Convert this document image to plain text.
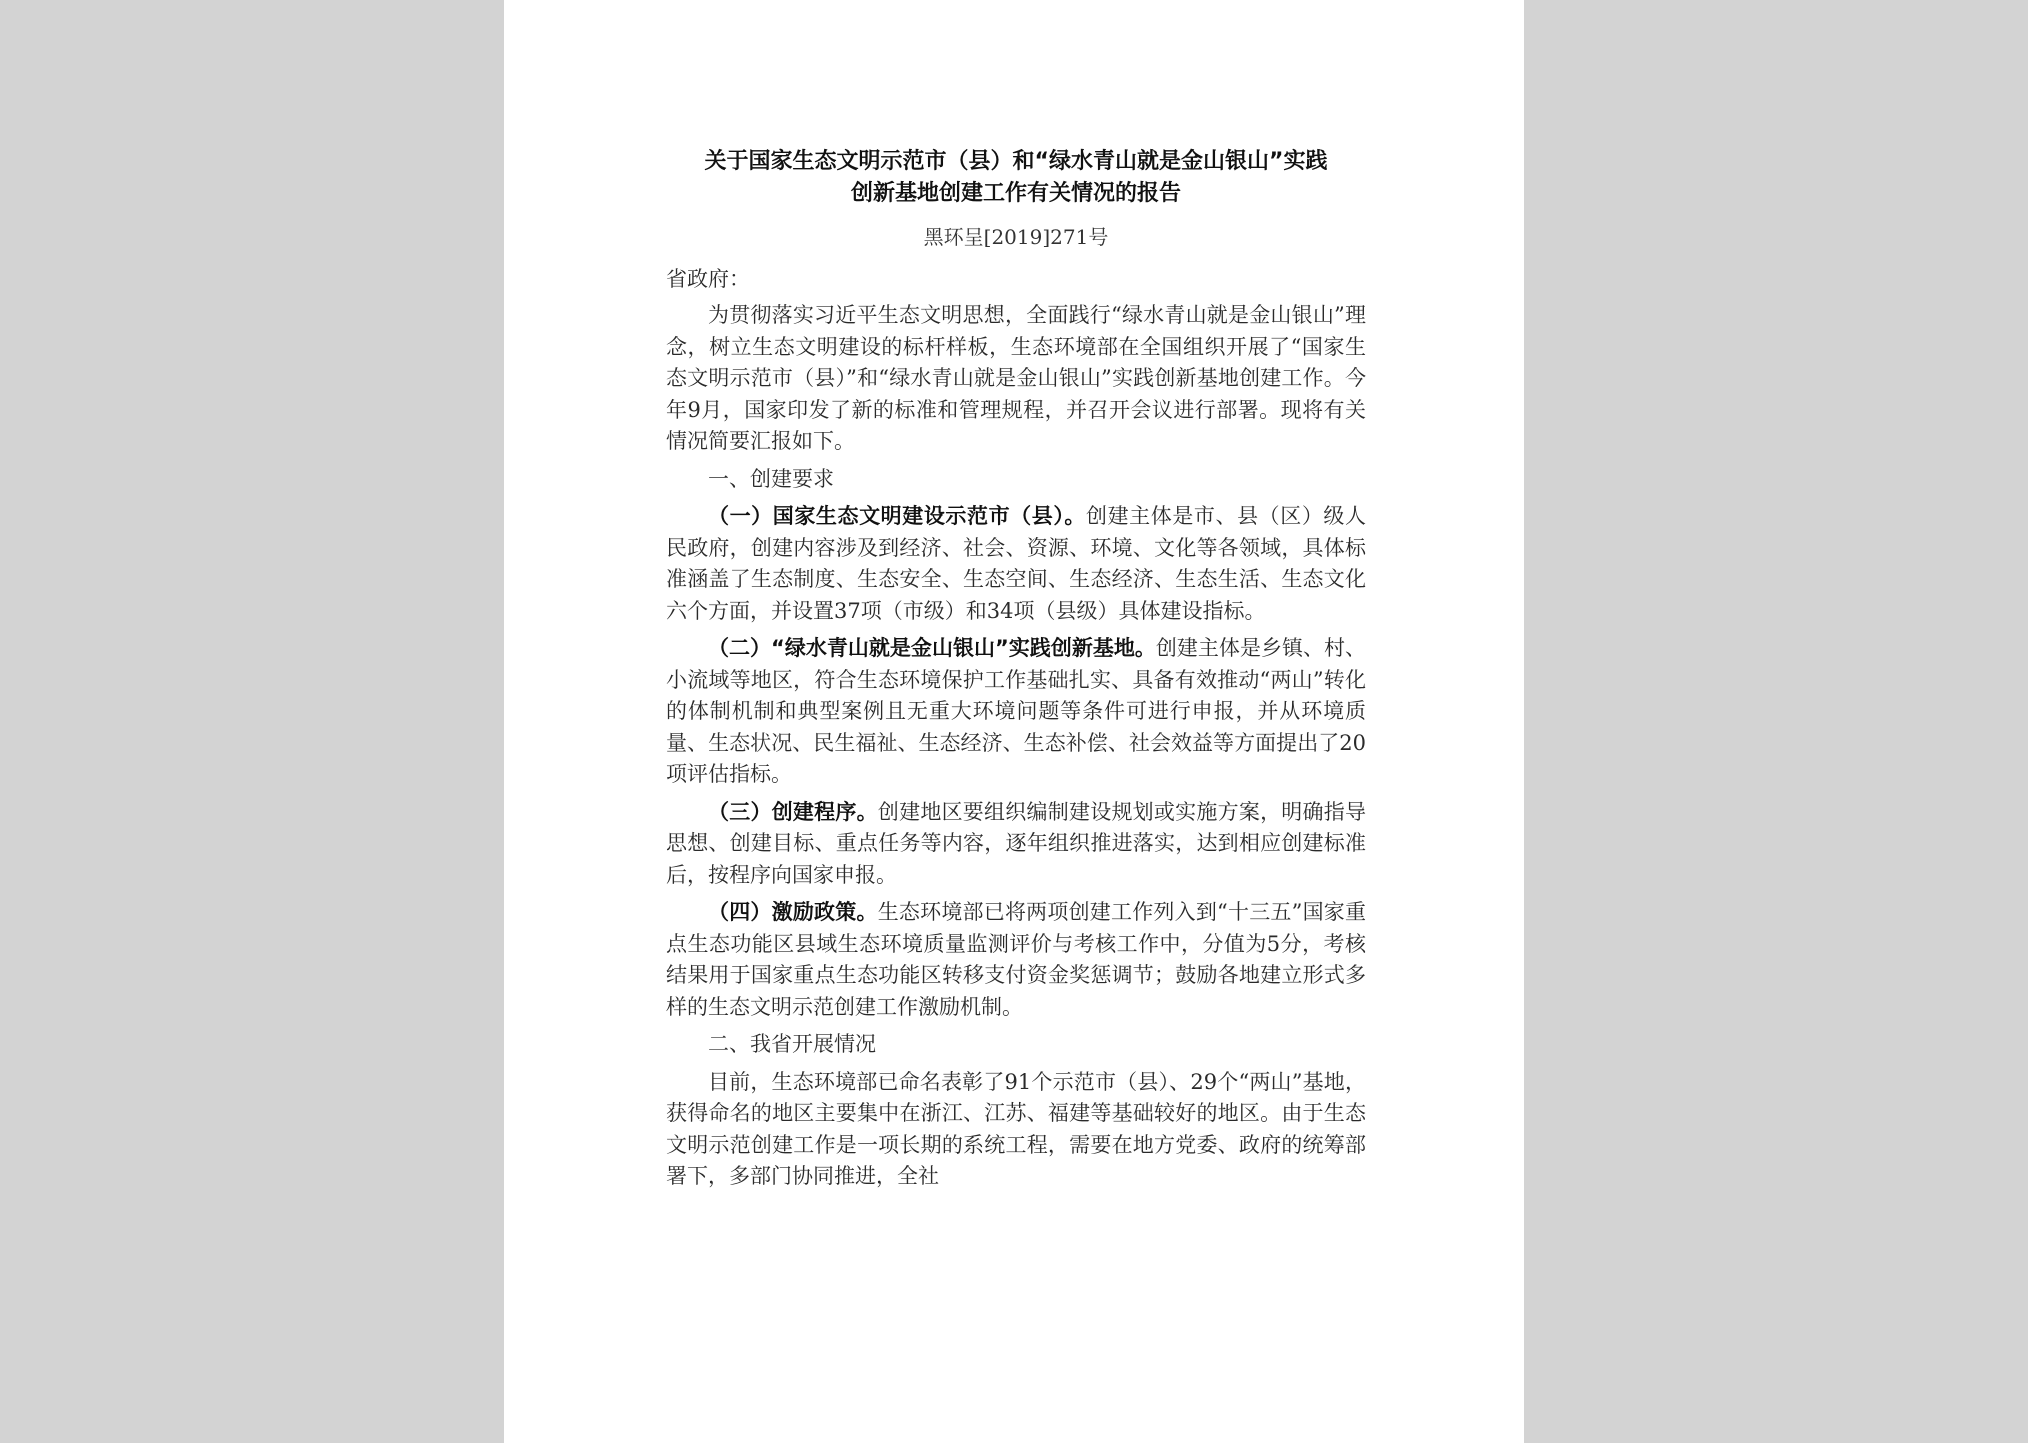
关于国家生态文明示范市（县）和“绿水青山就是金山银山”实践
创新基地创建工作有关情况的报告
黑环呈[2019]271号
省政府：

为贯彻落实习近平生态文明思想，全面践行“绿水青山就是金山银山”理念，树立生态文明建设的标杆样板，生态环境部在全国组织开展了“国家生态文明示范市（县）”和“绿水青山就是金山银山”实践创新基地创建工作。今年9月，国家印发了新的标准和管理规程，并召开会议进行部署。现将有关情况简要汇报如下。

一、创建要求

（一）国家生态文明建设示范市（县）。创建主体是市、县（区）级人民政府，创建内容涉及到经济、社会、资源、环境、文化等各领域，具体标准涵盖了生态制度、生态安全、生态空间、生态经济、生态生活、生态文化六个方面，并设置37项（市级）和34项（县级）具体建设指标。

（二）“绿水青山就是金山银山”实践创新基地。创建主体是乡镇、村、小流域等地区，符合生态环境保护工作基础扎实、具备有效推动“两山”转化的体制机制和典型案例且无重大环境问题等条件可进行申报，并从环境质量、生态状况、民生福祉、生态经济、生态补偿、社会效益等方面提出了20项评估指标。

（三）创建程序。创建地区要组织编制建设规划或实施方案，明确指导思想、创建目标、重点任务等内容，逐年组织推进落实，达到相应创建标准后，按程序向国家申报。

（四）激励政策。生态环境部已将两项创建工作列入到“十三五”国家重点生态功能区县域生态环境质量监测评价与考核工作中，分值为5分，考核结果用于国家重点生态功能区转移支付资金奖惩调节；鼓励各地建立形式多样的生态文明示范创建工作激励机制。

二、我省开展情况

目前，生态环境部已命名表彰了91个示范市（县）、29个“两山”基地，获得命名的地区主要集中在浙江、江苏、福建等基础较好的地区。由于生态文明示范创建工作是一项长期的系统工程，需要在地方党委、政府的统筹部署下，多部门协同推进，全社
